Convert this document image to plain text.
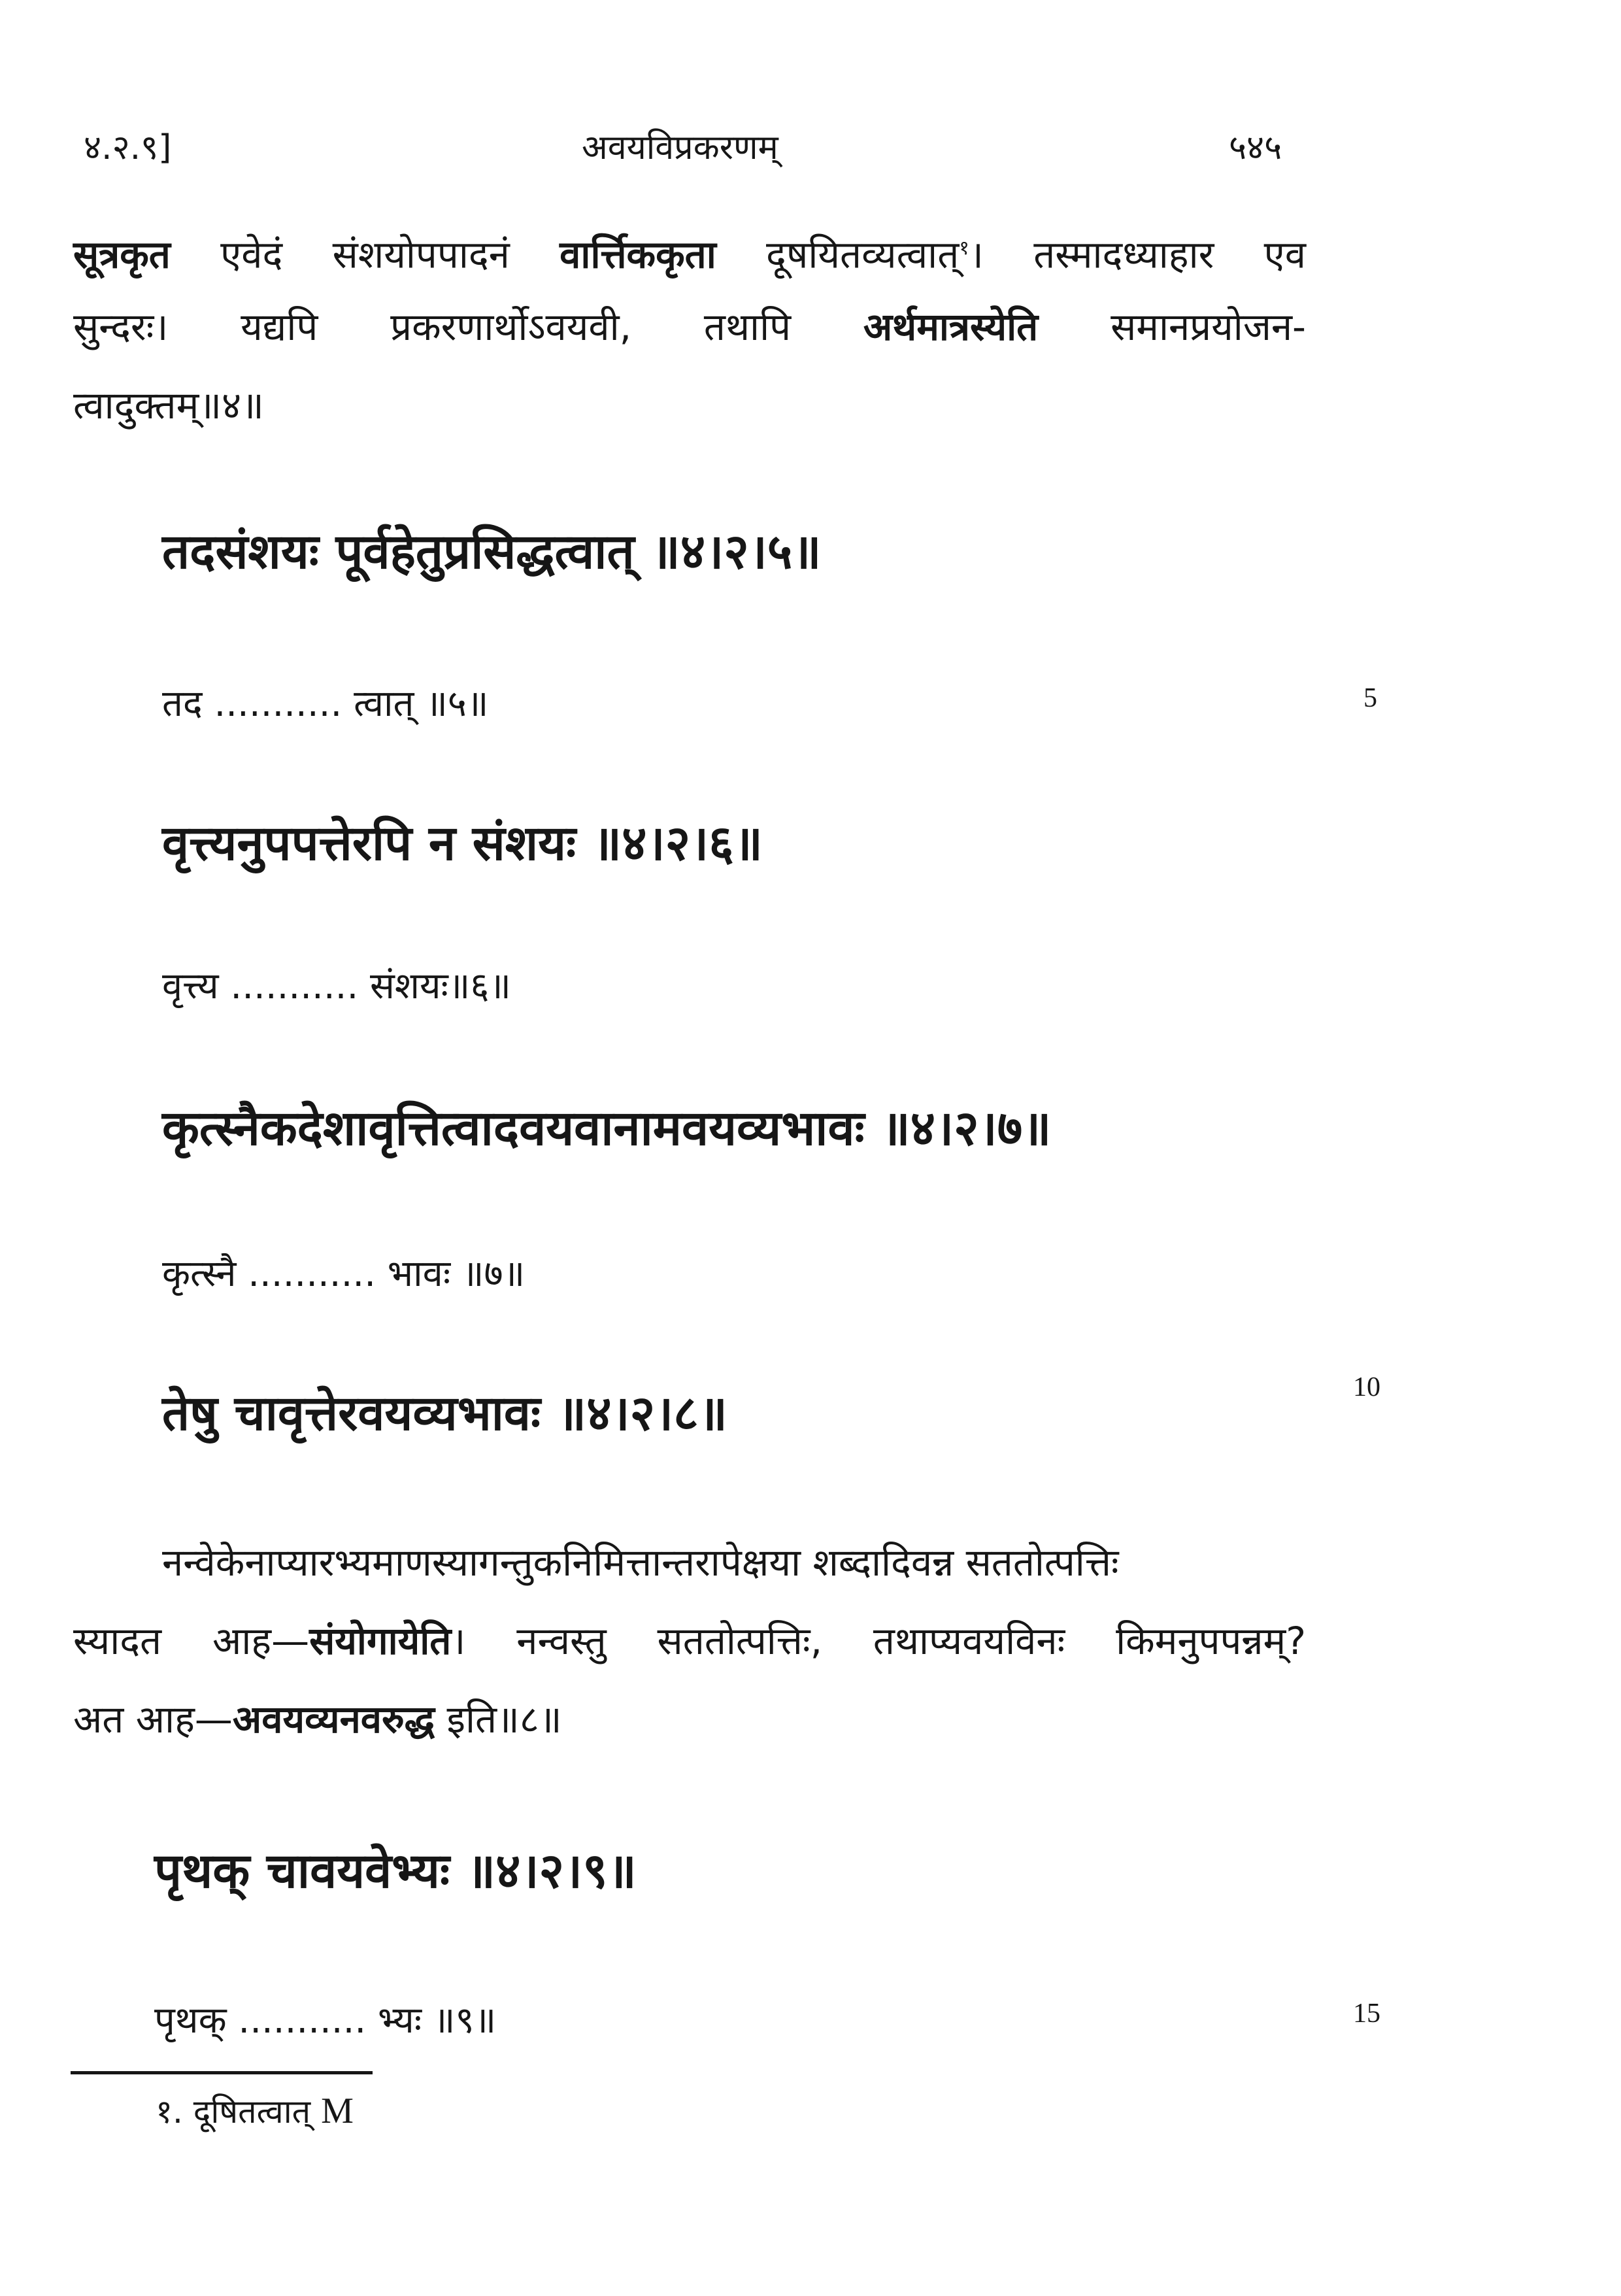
४.२.९]	अवयविप्रकरणम्	५४५
सूत्रकृत एवेदं संशयोपपादनं वार्त्तिककृता दूषयितव्यत्वात्$^१$। तस्मादध्याहार एव
सुन्दरः। यद्यपि प्रकरणार्थोऽवयवी, तथापि अर्थमात्रस्येति समानप्रयोजन-
त्वादुक्तम्॥४॥
तदसंशयः पूर्वहेतुप्रसिद्धत्वात् ॥४।२।५॥
तद ........... त्वात् ॥५॥	5
वृत्त्यनुपपत्तेरपि न संशयः ॥४।२।६॥
वृत्त्य ........... संशयः॥६॥
कृत्स्नैकदेशावृत्तित्वादवयवानामवयव्यभावः ॥४।२।७॥
कृत्स्नै ........... भावः ॥७॥
तेषु चावृत्तेरवयव्यभावः ॥४।२।८॥	10
नन्वेकेनाप्यारभ्यमाणस्यागन्तुकनिमित्तान्तरापेक्षया शब्दादिवन्न सततोत्पत्तिः
स्यादत आह—संयोगायेति। नन्वस्तु सततोत्पत्तिः, तथाप्यवयविनः किमनुपपन्नम्?
अत आह—अवयव्यनवरुद्ध इति॥८॥
पृथक् चावयवेभ्यः ॥४।२।९॥
पृथक् ........... भ्यः ॥९॥	15
१. दूषितत्वात् M
